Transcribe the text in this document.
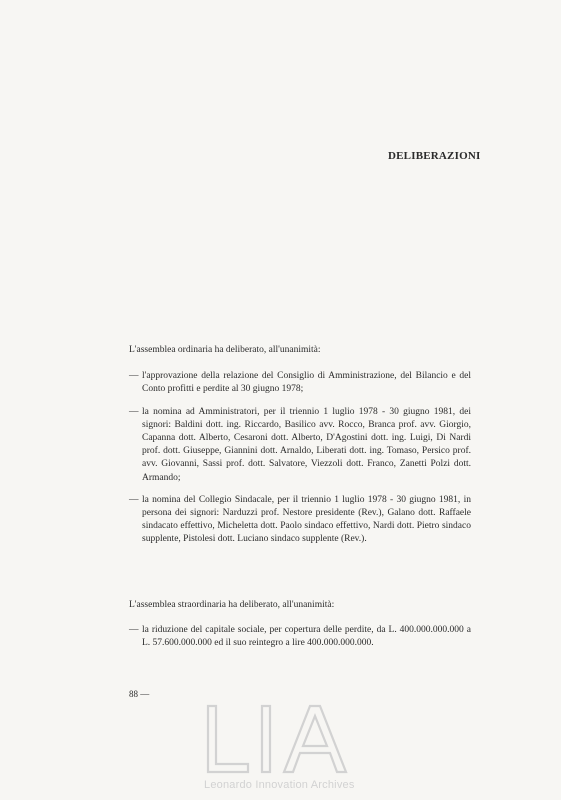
DELIBERAZIONI
L'assemblea ordinaria ha deliberato, all'unanimità:
— l'approvazione della relazione del Consiglio di Amministrazione, del Bilancio e del Conto profitti e perdite al 30 giugno 1978;
— la nomina ad Amministratori, per il triennio 1 luglio 1978 - 30 giugno 1981, dei signori: Baldini dott. ing. Riccardo, Basilico avv. Rocco, Branca prof. avv. Giorgio, Capanna dott. Alberto, Cesaroni dott. Alberto, D'Agostini dott. ing. Luigi, Di Nardi prof. dott. Giuseppe, Giannini dott. Arnaldo, Liberati dott. ing. Tomaso, Persico prof. avv. Giovanni, Sassi prof. dott. Salvatore, Viezzoli dott. Franco, Zanetti Polzi dott. Armando;
— la nomina del Collegio Sindacale, per il triennio 1 luglio 1978 - 30 giugno 1981, in persona dei signori: Narduzzi prof. Nestore presidente (Rev.), Galano dott. Raffaele sindacato effettivo, Micheletta dott. Paolo sindaco effettivo, Nardi dott. Pietro sindaco supplente, Pistolesi dott. Luciano sindaco supplente (Rev.).
L'assemblea straordinaria ha deliberato, all'unanimità:
— la riduzione del capitale sociale, per copertura delle perdite, da L. 400.000.000.000 a L. 57.600.000.000 ed il suo reintegro a lire 400.000.000.000.
88 —
Leonardo Innovation Archives
